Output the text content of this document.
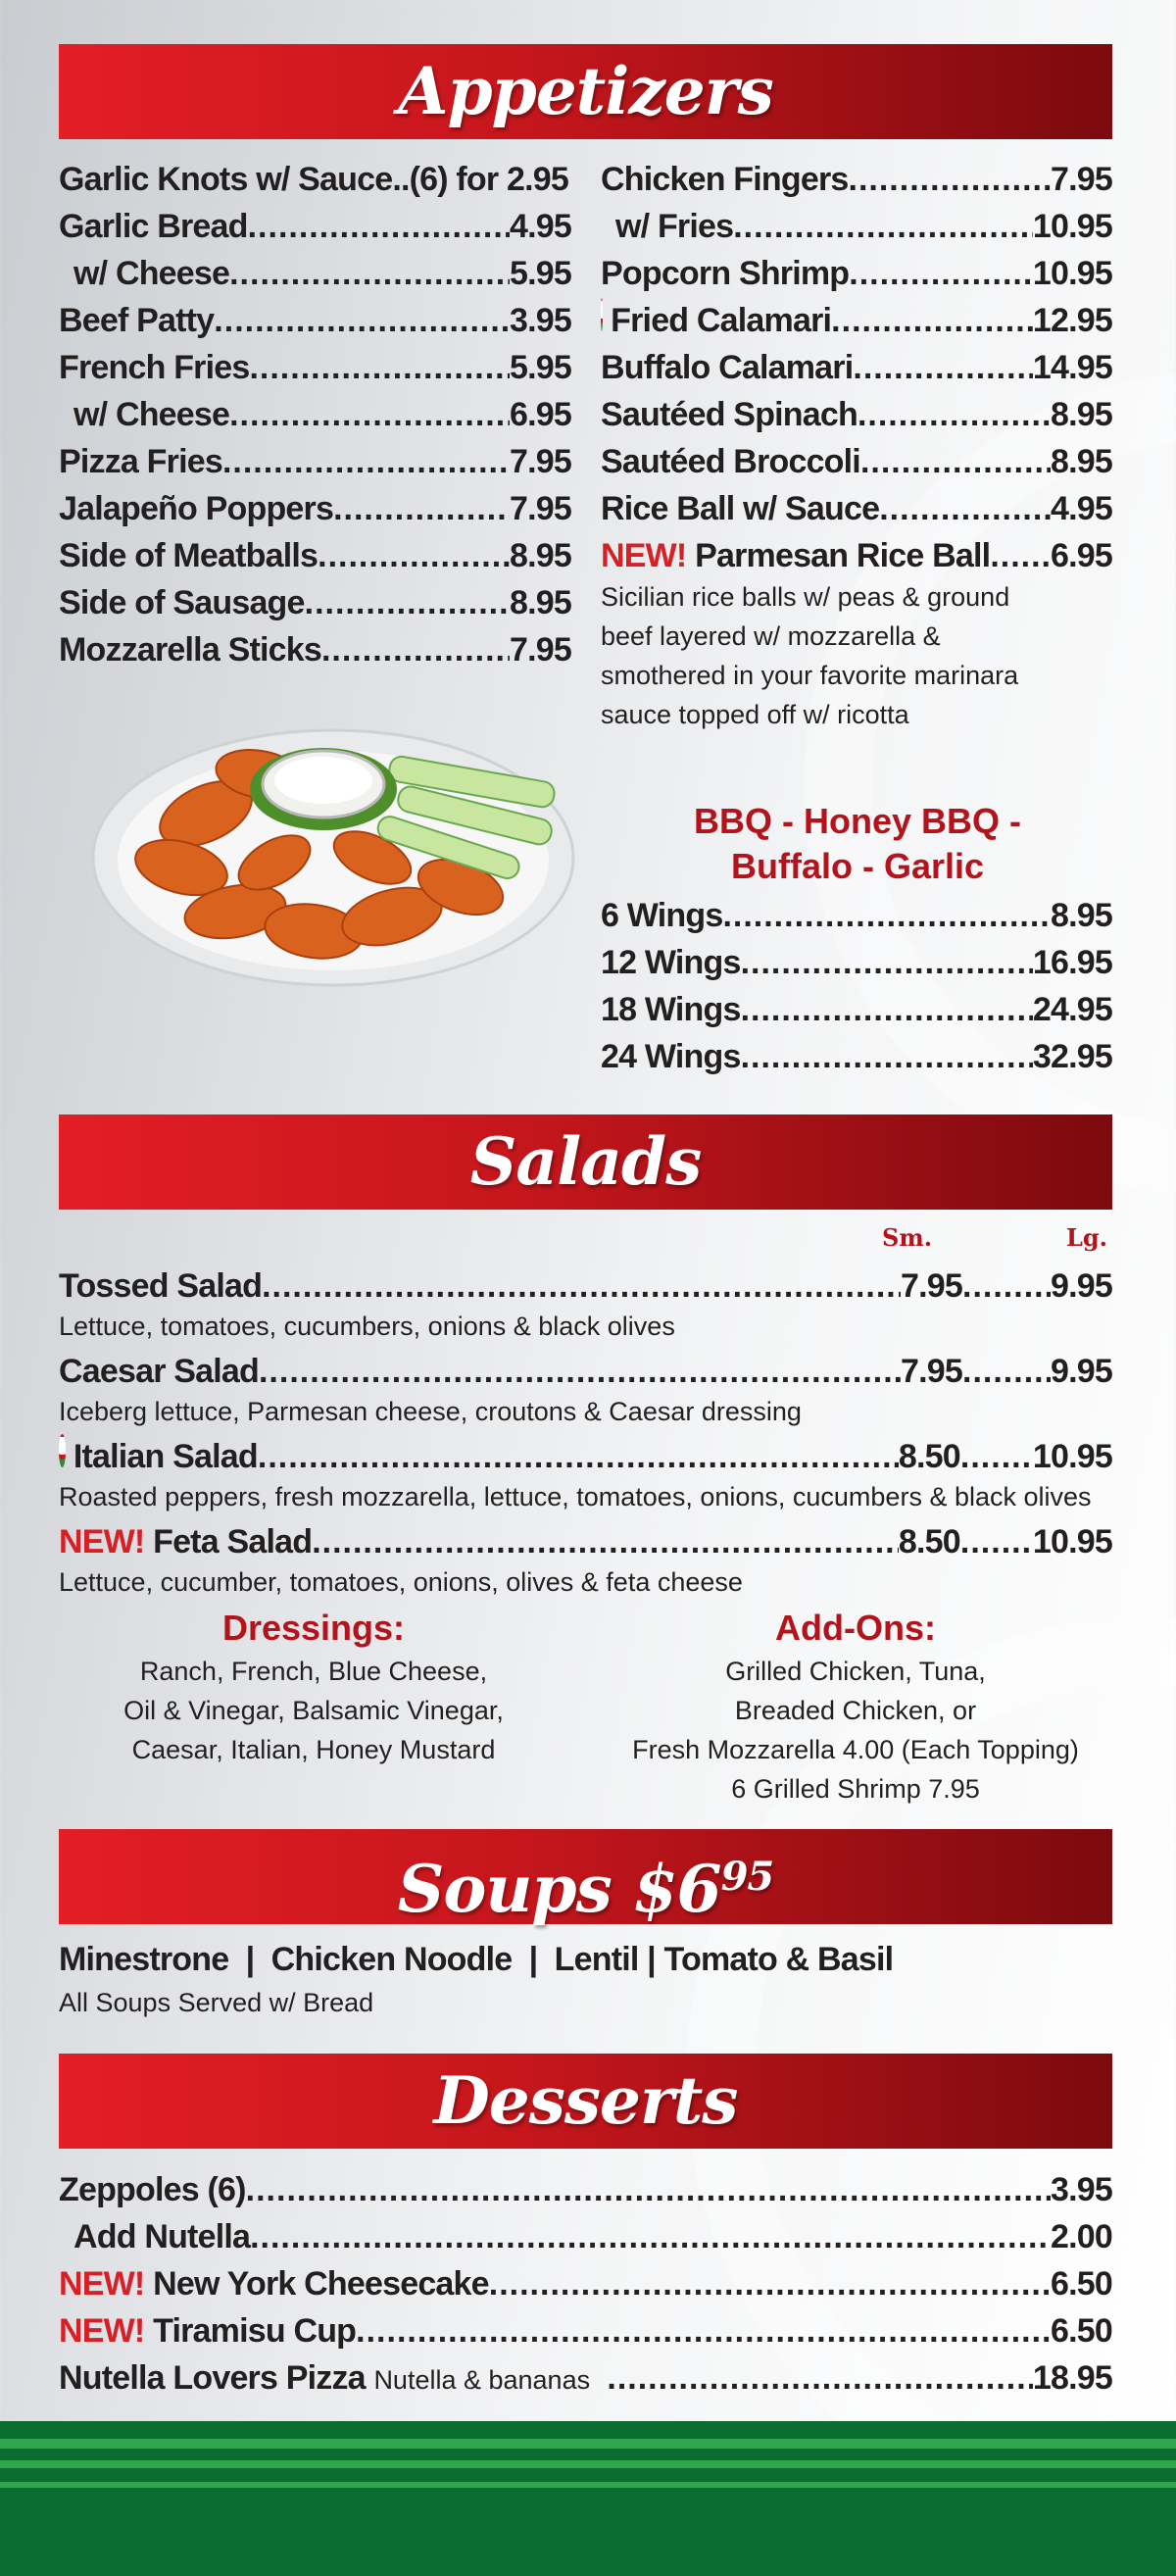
Appetizers
Garlic Knots w/ Sauce..(6) for 2.95
Garlic Bread .....	4.95
w/ Cheese .....	5.95
Beef Patty .....	3.95
French Fries .....	5.95
w/ Cheese .....	6.95
Pizza Fries .....	7.95
Jalapeño Poppers .....	7.95
Side of Meatballs .....	8.95
Side of Sausage .....	8.95
Mozzarella Sticks .....	7.95
Chicken Fingers .....	7.95
w/ Fries .....	10.95
Popcorn Shrimp .....	10.95
Fried Calamari .....	12.95
Buffalo Calamari .....	14.95
Sautéed Spinach .....	8.95
Sautéed Broccoli .....	8.95
Rice Ball w/ Sauce .....	4.95
NEW!
Parmesan Rice Ball ..... 6.95
Sicilian rice balls w/ peas & ground
beef layered w/ mozzarella &
smothered in your favorite marinara
sauce topped off w/ ricotta
BBQ - Honey BBQ -
Buffalo - Garlic
6 Wings .....	8.95
12 Wings .....	16.95
18 Wings .....	24.95
24 Wings .....	32.95
Salads
Sm.	Lg.
Tossed Salad .....	7.95 .....	9.95
Lettuce, tomatoes, cucumbers, onions & black olives
Caesar Salad .....	7.95 .....	9.95
Iceberg lettuce, Parmesan cheese, croutons & Caesar dressing
Italian Salad .....	8.50 ..... 10.95
Roasted peppers, fresh mozzarella, lettuce, tomatoes, onions, cucumbers & black olives
NEW!
Feta Salad .....	8.50 ..... 10.95
Lettuce, cucumber, tomatoes, onions, olives & feta cheese
Dressings:
Ranch, French, Blue Cheese,
Oil & Vinegar, Balsamic Vinegar,
Caesar, Italian, Honey Mustard
Add-Ons:
Grilled Chicken, Tuna,
Breaded Chicken, or
Fresh Mozzarella 4.00 (Each Topping)
6 Grilled Shrimp 7.95
Soups $\$6^{95}$
Minestrone  |  Chicken Noodle  |  Lentil | Tomato & Basil
All Soups Served w/ Bread
Desserts
Zeppoles (6) .....	3.95
Add Nutella .....	2.00
NEW!
New York Cheesecake .....	6.50
NEW!
Tiramisu Cup .....	6.50
Nutella Lovers Pizza
Nutella & bananas
.....	18.95
